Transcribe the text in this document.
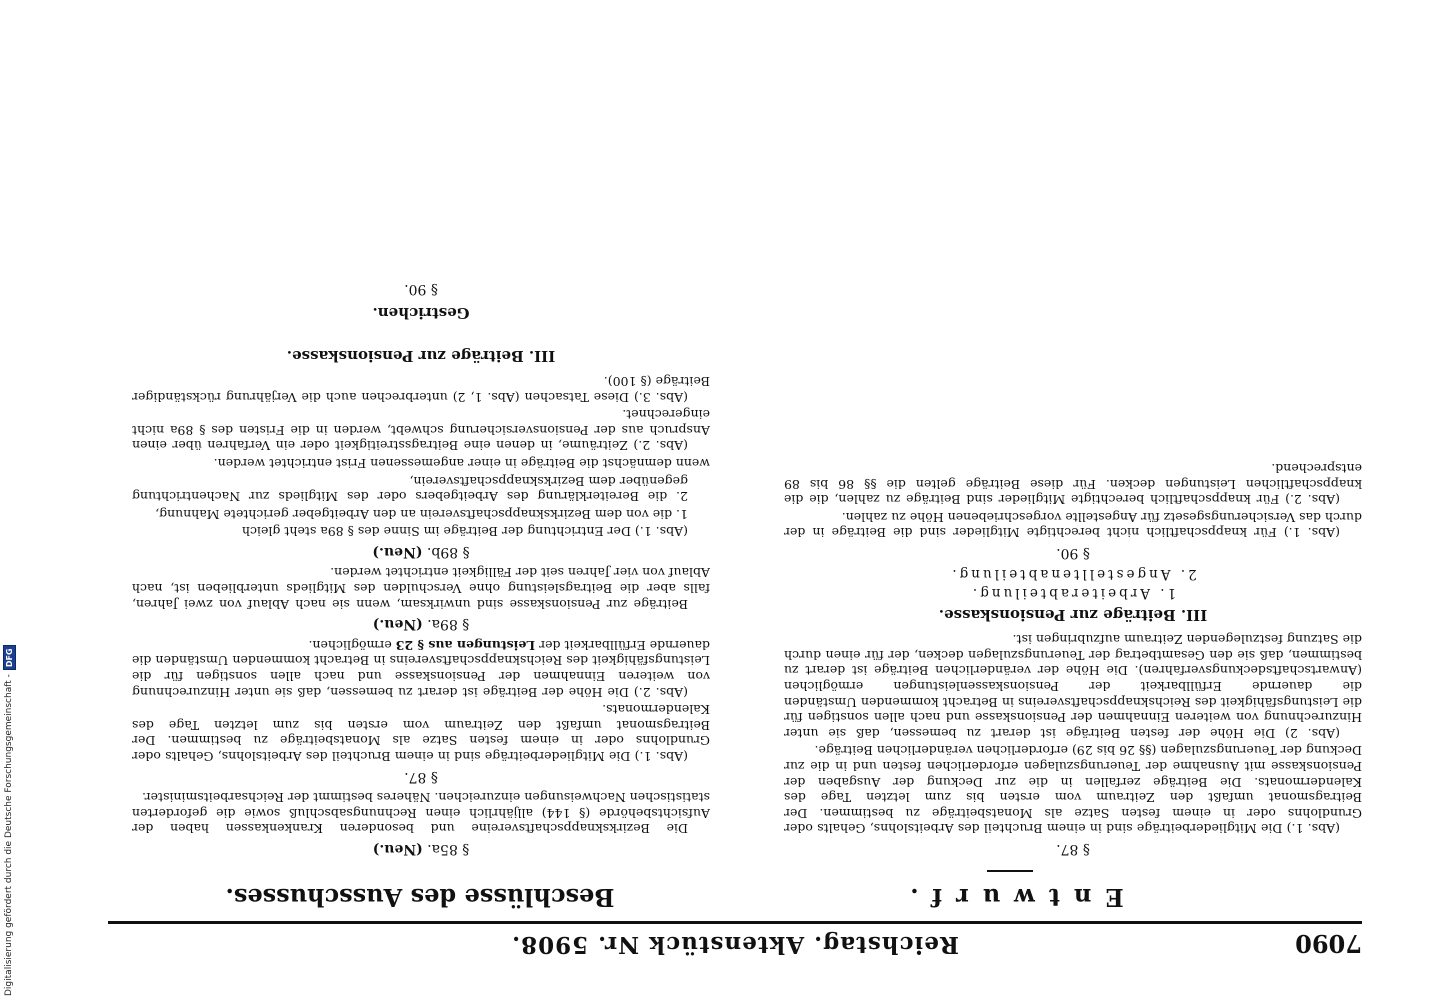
Digitalisierung gefördert durch die Deutsche Forschungsgemeinschaft -
DFG
7090
Reichstag. Aktenstück Nr. 5908.
Entwurf.
Beschlüsse des Ausschusses.
§ 87.

(Abs. 1.) Die Mitgliederbeiträge sind in einem Bruchteil des Arbeitslohns, Gehalts oder Grundlohns oder in einem festen Satze als Monatsbeiträge zu bestimmen. Der Beitragsmonat umfaßt den Zeitraum vom ersten bis zum letzten Tage des Kalendermonats. Die Beiträge zerfallen in die zur Deckung der Ausgaben der Pensionskasse mit Ausnahme der Teuerungszulagen erforderlichen festen und in die zur Deckung der Teuerungszulagen (§§ 26 bis 29) erforderlichen veränderlichen Beiträge.

(Abs. 2) Die Höhe der festen Beiträge ist derart zu bemessen, daß sie unter Hinzurechnung von weiteren Einnahmen der Pensionskasse und nach allen sonstigen für die Leistungsfähigkeit des Reichsknappschaftsvereins in Betracht kommenden Umständen die dauernde Erfüllbarkeit der Pensionskassenleistungen ermöglichen (Anwartschaftsdeckungsverfahren). Die Höhe der veränderlichen Beiträge ist derart zu bestimmen, daß sie den Gesamtbetrag der Teuerungszulagen decken, der für einen durch die Satzung festzulegenden Zeitraum aufzubringen ist.

III. Beiträge zur Pensionskasse.
1. Arbeiterabteilung.
2. Angestelltenabteilung.
§ 90.

(Abs. 1.) Für knappschaftlich nicht berechtigte Mitglieder sind die Beiträge in der durch das Versicherungsgesetz für Angestellte vorgeschriebenen Höhe zu zahlen.

(Abs. 2.) Für knappschaftlich berechtigte Mitglieder sind Beiträge zu zahlen, die die knappschaftlichen Leistungen decken. Für diese Beiträge gelten die §§ 86 bis 89 entsprechend.

§ 85a. (Neu.)

Die Bezirksknappschaftsvereine und besonderen Krankenkassen haben der Aufsichtsbehörde (§ 144) alljährlich einen Rechnungsabschluß sowie die geforderten statistischen Nachweisungen einzureichen. Näheres bestimmt der Reichsarbeitsminister.

§ 87.

(Abs. 1.) Die Mitgliederbeiträge sind in einem Bruchteil des Arbeitslohns, Gehalts oder Grundlohns oder in einem festen Satze als Monatsbeiträge zu bestimmen. Der Beitragsmonat umfaßt den Zeitraum vom ersten bis zum letzten Tage des Kalendermonats.

(Abs. 2.) Die Höhe der Beiträge ist derart zu bemessen, daß sie unter Hinzurechnung von weiteren Einnahmen der Pensionskasse und nach allen sonstigen für die Leistungsfähigkeit des Reichsknappschaftsvereins in Betracht kommenden Umständen die dauernde Erfüllbarkeit der Leistungen aus § 23 ermöglichen.

§ 89a. (Neu.)

Beiträge zur Pensionskasse sind unwirksam, wenn sie nach Ablauf von zwei Jahren, falls aber die Beitragsleistung ohne Verschulden des Mitglieds unterblieben ist, nach Ablauf von vier Jahren seit der Fälligkeit entrichtet werden.

§ 89b. (Neu.)

(Abs. 1.) Der Entrichtung der Beiträge im Sinne des § 89a steht gleich

1. die von dem Bezirksknappschaftsverein an den Arbeitgeber gerichtete Mahnung,

2. die Bereiterklärung des Arbeitgebers oder des Mitglieds zur Nachentrichtung gegenüber dem Bezirksknappschaftsverein,

wenn demnächst die Beiträge in einer angemessenen Frist entrichtet werden.

(Abs. 2.) Zeiträume, in denen eine Beitragsstreitigkeit oder ein Verfahren über einen Anspruch aus der Pensionsversicherung schwebt, werden in die Fristen des § 89a nicht eingerechnet.

(Abs. 3.) Diese Tatsachen (Abs. 1, 2) unterbrechen auch die Verjährung rückständiger Beiträge (§ 100).

III. Beiträge zur Pensionskasse.
Gestrichen.
§ 90.
